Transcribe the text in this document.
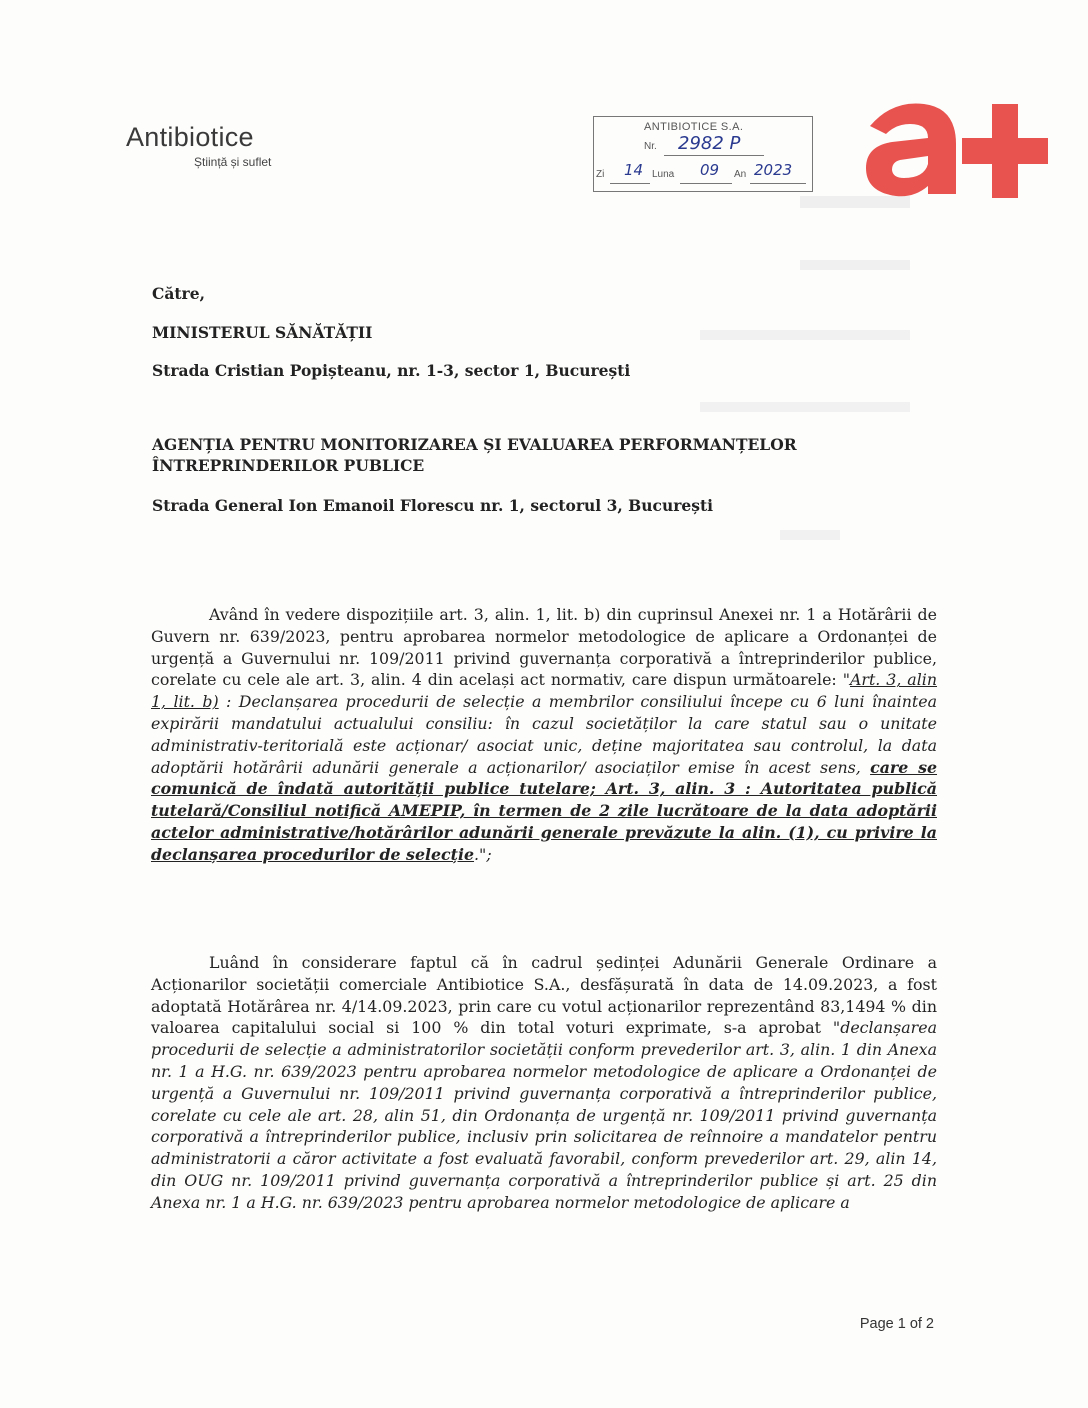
Antibiotice
Știință și suflet
ANTIBIOTICE S.A.
Nr. 2982 P
Zi 14 Luna 09 An 2023
Către,
MINISTERUL SĂNĂTĂȚII
Strada Cristian Popișteanu, nr. 1-3, sector 1, București
AGENȚIA PENTRU MONITORIZAREA ȘI EVALUAREA PERFORMANȚELOR
ÎNTREPRINDERILOR PUBLICE
Strada General Ion Emanoil Florescu nr. 1, sectorul 3, București
Având în vedere dispozițiile art. 3, alin. 1, lit. b) din cuprinsul Anexei nr. 1 a Hotărârii de Guvern nr. 639/2023, pentru aprobarea normelor metodologice de aplicare a Ordonanței de urgență a Guvernului nr. 109/2011 privind guvernanța corporativă a întreprinderilor publice, corelate cu cele ale art. 3, alin. 4 din același act normativ, care dispun următoarele: "Art. 3, alin 1, lit. b) : Declanșarea procedurii de selecție a membrilor consiliului începe cu 6 luni înaintea expirării mandatului actualului consiliu: în cazul societăților la care statul sau o unitate administrativ-teritorială este acționar/ asociat unic, deține majoritatea sau controlul, la data adoptării hotărârii adunării generale a acționarilor/ asociaților emise în acest sens, care se comunică de îndată autorității publice tutelare; Art. 3, alin. 3 : Autoritatea publică tutelară/Consiliul notifică AMEPIP, în termen de 2 zile lucrătoare de la data adoptării actelor administrative/hotărârilor adunării generale prevăzute la alin. (1), cu privire la declanșarea procedurilor de selecție.";
Luând în considerare faptul că în cadrul ședinței Adunării Generale Ordinare a Acționarilor societății comerciale Antibiotice S.A., desfășurată în data de 14.09.2023, a fost adoptată Hotărârea nr. 4/14.09.2023, prin care cu votul acționarilor reprezentând 83,1494 % din valoarea capitalului social si 100 % din total voturi exprimate, s-a aprobat "declanșarea procedurii de selecție a administratorilor societății conform prevederilor art. 3, alin. 1 din Anexa nr. 1 a H.G. nr. 639/2023 pentru aprobarea normelor metodologice de aplicare a Ordonanței de urgență a Guvernului nr. 109/2011 privind guvernanța corporativă a întreprinderilor publice, corelate cu cele ale art. 28, alin 51, din Ordonanța de urgență nr. 109/2011 privind guvernanța corporativă a întreprinderilor publice, inclusiv prin solicitarea de reînnoire a mandatelor pentru administratorii a căror activitate a fost evaluată favorabil, conform prevederilor art. 29, alin 14, din OUG nr. 109/2011 privind guvernanța corporativă a întreprinderilor publice și art. 25 din Anexa nr. 1 a H.G. nr. 639/2023 pentru aprobarea normelor metodologice de aplicare a
Page 1 of 2
